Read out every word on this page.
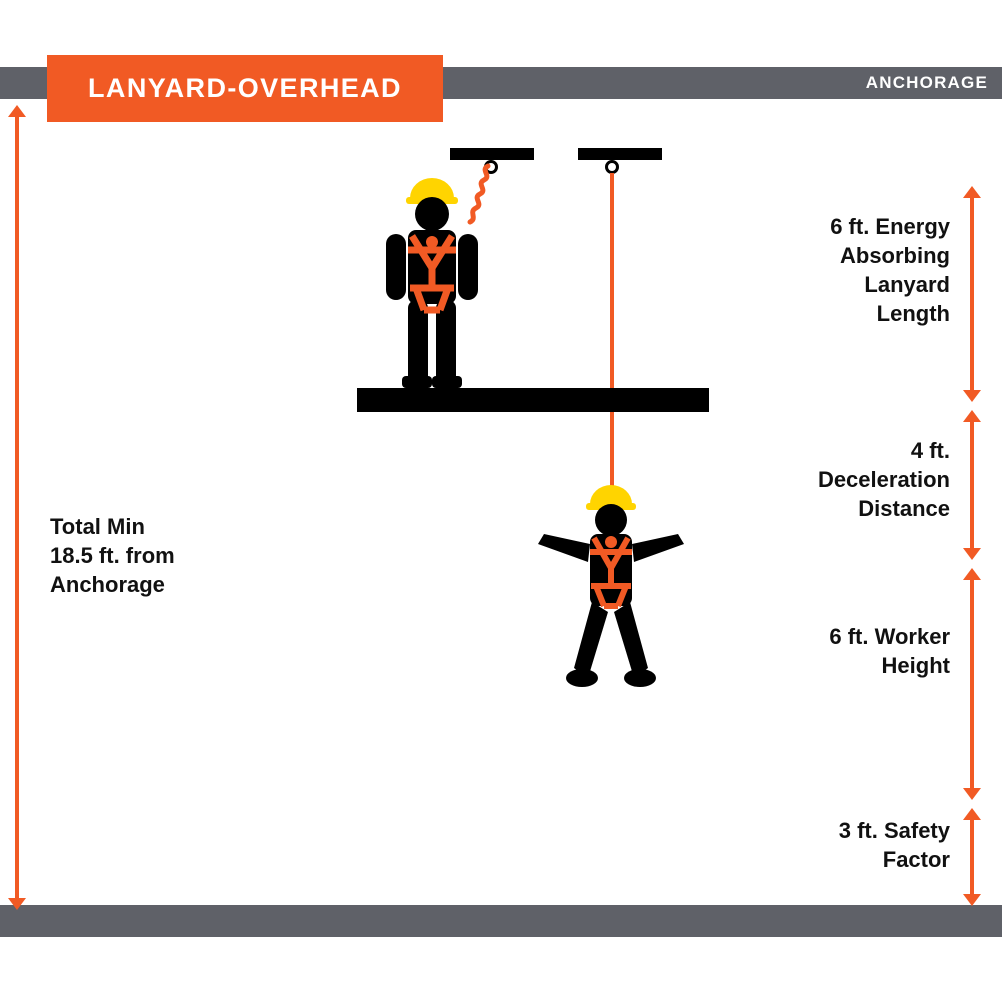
ANCHORAGE
LANYARD-OVERHEAD
Total Min
18.5 ft. from
Anchorage
6 ft. Energy
Absorbing
Lanyard
Length
4 ft.
Deceleration
Distance
6 ft. Worker
Height
3 ft. Safety
Factor
